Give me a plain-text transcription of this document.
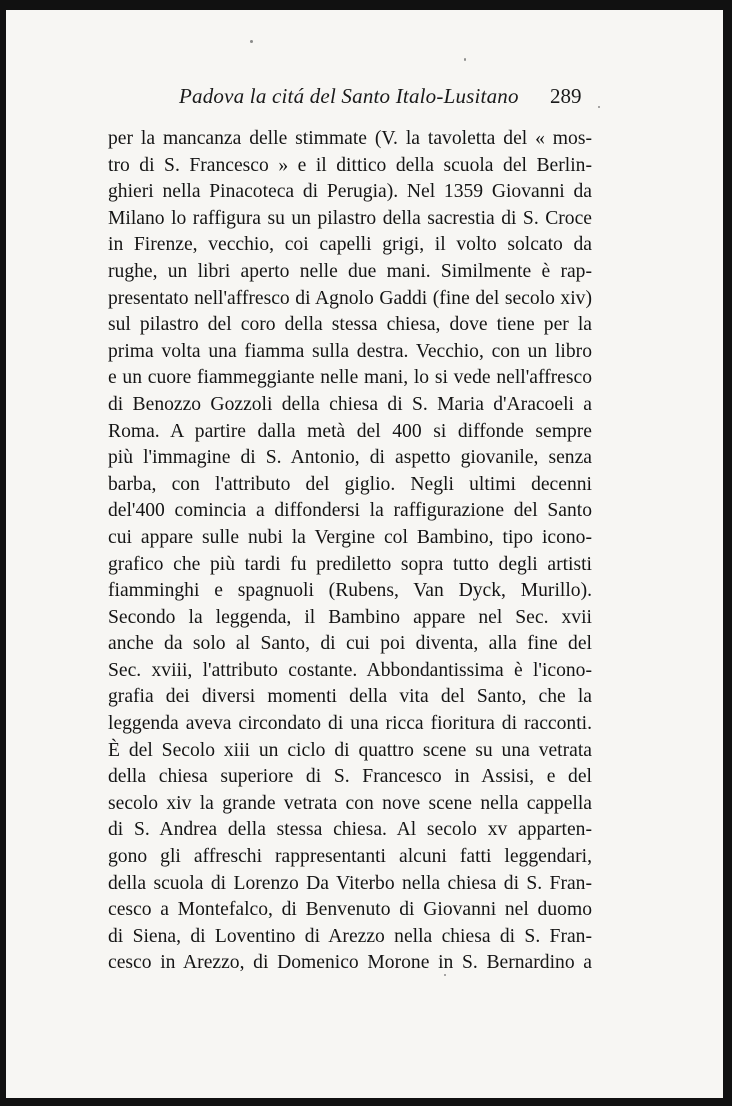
Padova la citá del Santo Italo-Lusitano 289
per la mancanza delle stimmate (V. la tavoletta del « mos-
tro di S. Francesco » e il dittico della scuola del Berlin-
ghieri nella Pinacoteca di Perugia). Nel 1359 Giovanni da
Milano lo raffigura su un pilastro della sacrestia di S. Croce
in Firenze, vecchio, coi capelli grigi, il volto solcato da
rughe, un libri aperto nelle due mani. Similmente è rap-
presentato nell'affresco di Agnolo Gaddi (fine del secolo xiv)
sul pilastro del coro della stessa chiesa, dove tiene per la
prima volta una fiamma sulla destra. Vecchio, con un libro
e un cuore fiammeggiante nelle mani, lo si vede nell'affresco
di Benozzo Gozzoli della chiesa di S. Maria d'Aracoeli a
Roma. A partire dalla metà del 400 si diffonde sempre
più l'immagine di S. Antonio, di aspetto giovanile, senza
barba, con l'attributo del giglio. Negli ultimi decenni
del'400 comincia a diffondersi la raffigurazione del Santo
cui appare sulle nubi la Vergine col Bambino, tipo icono-
grafico che più tardi fu prediletto sopra tutto degli artisti
fiamminghi e spagnuoli (Rubens, Van Dyck, Murillo).
Secondo la leggenda, il Bambino appare nel Sec. xvii
anche da solo al Santo, di cui poi diventa, alla fine del
Sec. xviii, l'attributo costante. Abbondantissima è l'icono-
grafia dei diversi momenti della vita del Santo, che la
leggenda aveva circondato di una ricca fioritura di racconti.
È del Secolo xiii un ciclo di quattro scene su una vetrata
della chiesa superiore di S. Francesco in Assisi, e del
secolo xiv la grande vetrata con nove scene nella cappella
di S. Andrea della stessa chiesa. Al secolo xv apparten-
gono gli affreschi rappresentanti alcuni fatti leggendari,
della scuola di Lorenzo Da Viterbo nella chiesa di S. Fran-
cesco a Montefalco, di Benvenuto di Giovanni nel duomo
di Siena, di Loventino di Arezzo nella chiesa di S. Fran-
cesco in Arezzo, di Domenico Morone in S. Bernardino a
